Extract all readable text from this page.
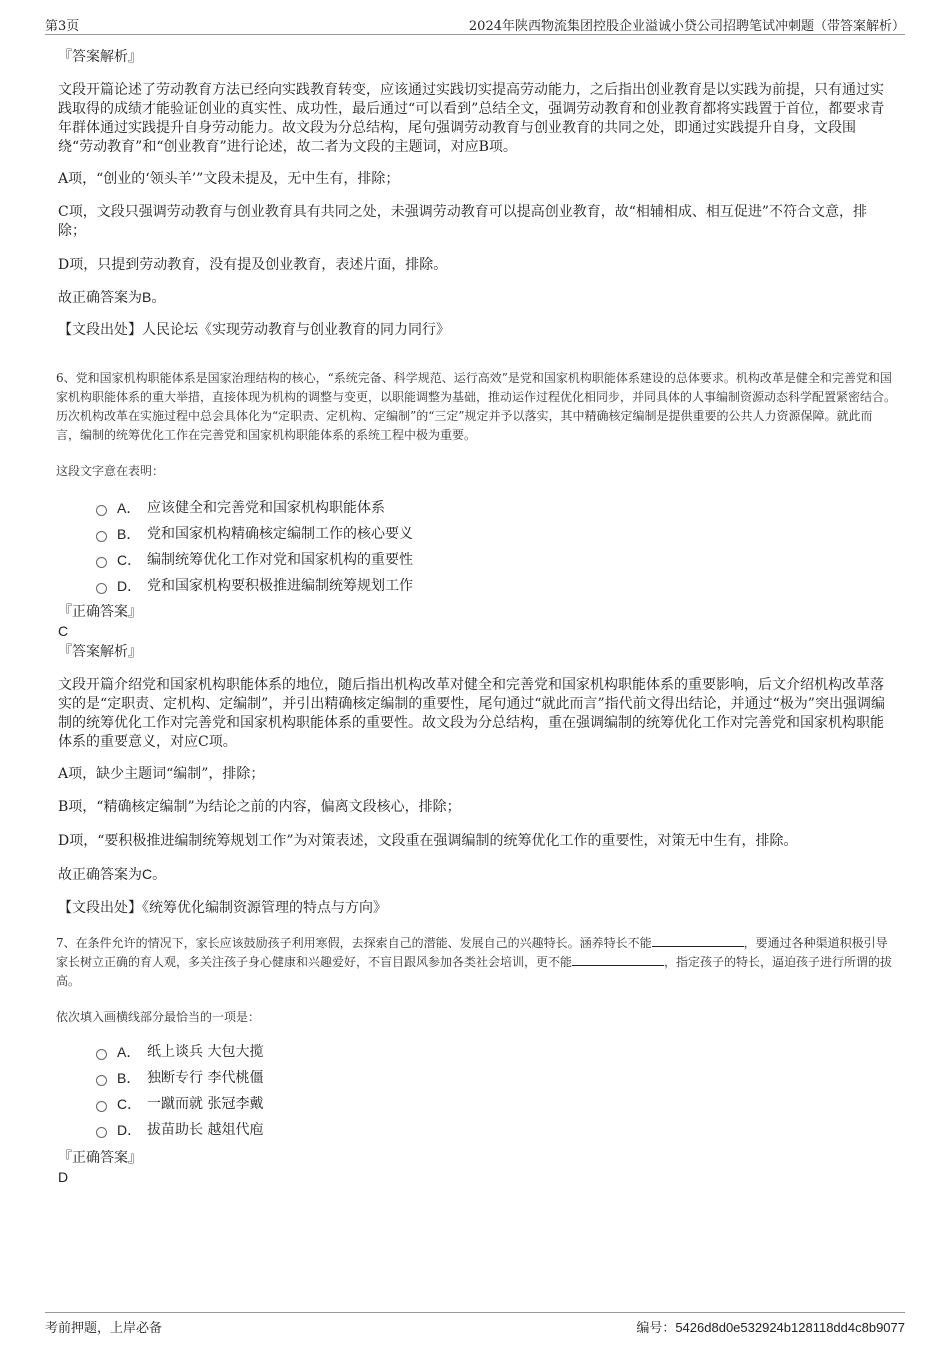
第3页	2024年陕西物流集团控股企业溢诚小贷公司招聘笔试冲刺题（带答案解析）

『答案解析』

文段开篇论述了劳动教育方法已经向实践教育转变，应该通过实践切实提高劳动能力，之后指出创业教育是以实践为前提，只有通过实践取得的成绩才能验证创业的真实性、成功性，最后通过“可以看到”总结全文，强调劳动教育和创业教育都将实践置于首位，都要求青年群体通过实践提升自身劳动能力。故文段为分总结构，尾句强调劳动教育与创业教育的共同之处，即通过实践提升自身，文段围绕“劳动教育”和“创业教育”进行论述，故二者为文段的主题词，对应B项。

A项，“创业的‘领头羊’”文段未提及，无中生有，排除；

C项，文段只强调劳动教育与创业教育具有共同之处，未强调劳动教育可以提高创业教育，故“相辅相成、相互促进”不符合文意，排除；

D项，只提到劳动教育，没有提及创业教育，表述片面，排除。

故正确答案为B。

【文段出处】人民论坛《实现劳动教育与创业教育的同力同行》

6、党和国家机构职能体系是国家治理结构的核心，“系统完备、科学规范、运行高效”是党和国家机构职能体系建设的总体要求。机构改革是健全和完善党和国家机构职能体系的重大举措，直接体现为机构的调整与变更，以职能调整为基础，推动运作过程优化相同步，并同具体的人事编制资源动态科学配置紧密结合。历次机构改革在实施过程中总会具体化为“定职责、定机构、定编制”的“三定”规定并予以落实，其中精确核定编制是提供重要的公共人力资源保障。就此而言，编制的统筹优化工作在完善党和国家机构职能体系的系统工程中极为重要。

这段文字意在表明：

A． 应该健全和完善党和国家机构职能体系
B． 党和国家机构精确核定编制工作的核心要义
C． 编制统筹优化工作对党和国家机构的重要性
D． 党和国家机构要积极推进编制统筹规划工作

『正确答案』

C

『答案解析』

文段开篇介绍党和国家机构职能体系的地位，随后指出机构改革对健全和完善党和国家机构职能体系的重要影响，后文介绍机构改革落实的是“定职责、定机构、定编制”，并引出精确核定编制的重要性，尾句通过“就此而言”指代前文得出结论，并通过“极为”突出强调编制的统筹优化工作对完善党和国家机构职能体系的重要性。故文段为分总结构，重在强调编制的统筹优化工作对完善党和国家机构职能体系的重要意义，对应C项。

A项，缺少主题词“编制”，排除；

B项，“精确核定编制”为结论之前的内容，偏离文段核心，排除；

D项，“要积极推进编制统筹规划工作”为对策表述，文段重在强调编制的统筹优化工作的重要性，对策无中生有，排除。

故正确答案为C。

【文段出处】《统筹优化编制资源管理的特点与方向》

7、在条件允许的情况下，家长应该鼓励孩子利用寒假，去探索自己的潜能、发展自己的兴趣特长。涵养特长不能	，要通过各种渠道积极引导家长树立正确的育人观，多关注孩子身心健康和兴趣爱好，不盲目跟风参加各类社会培训，更不能	，指定孩子的特长，逼迫孩子进行所谓的拔高。

依次填入画横线部分最恰当的一项是：

A． 纸上谈兵 大包大揽
B． 独断专行 李代桃僵
C． 一蹴而就 张冠李戴
D． 拔苗助长 越俎代庖

『正确答案』

D

考前押题，上岸必备	编号：5426d8d0e532924b128118dd4c8b9077
